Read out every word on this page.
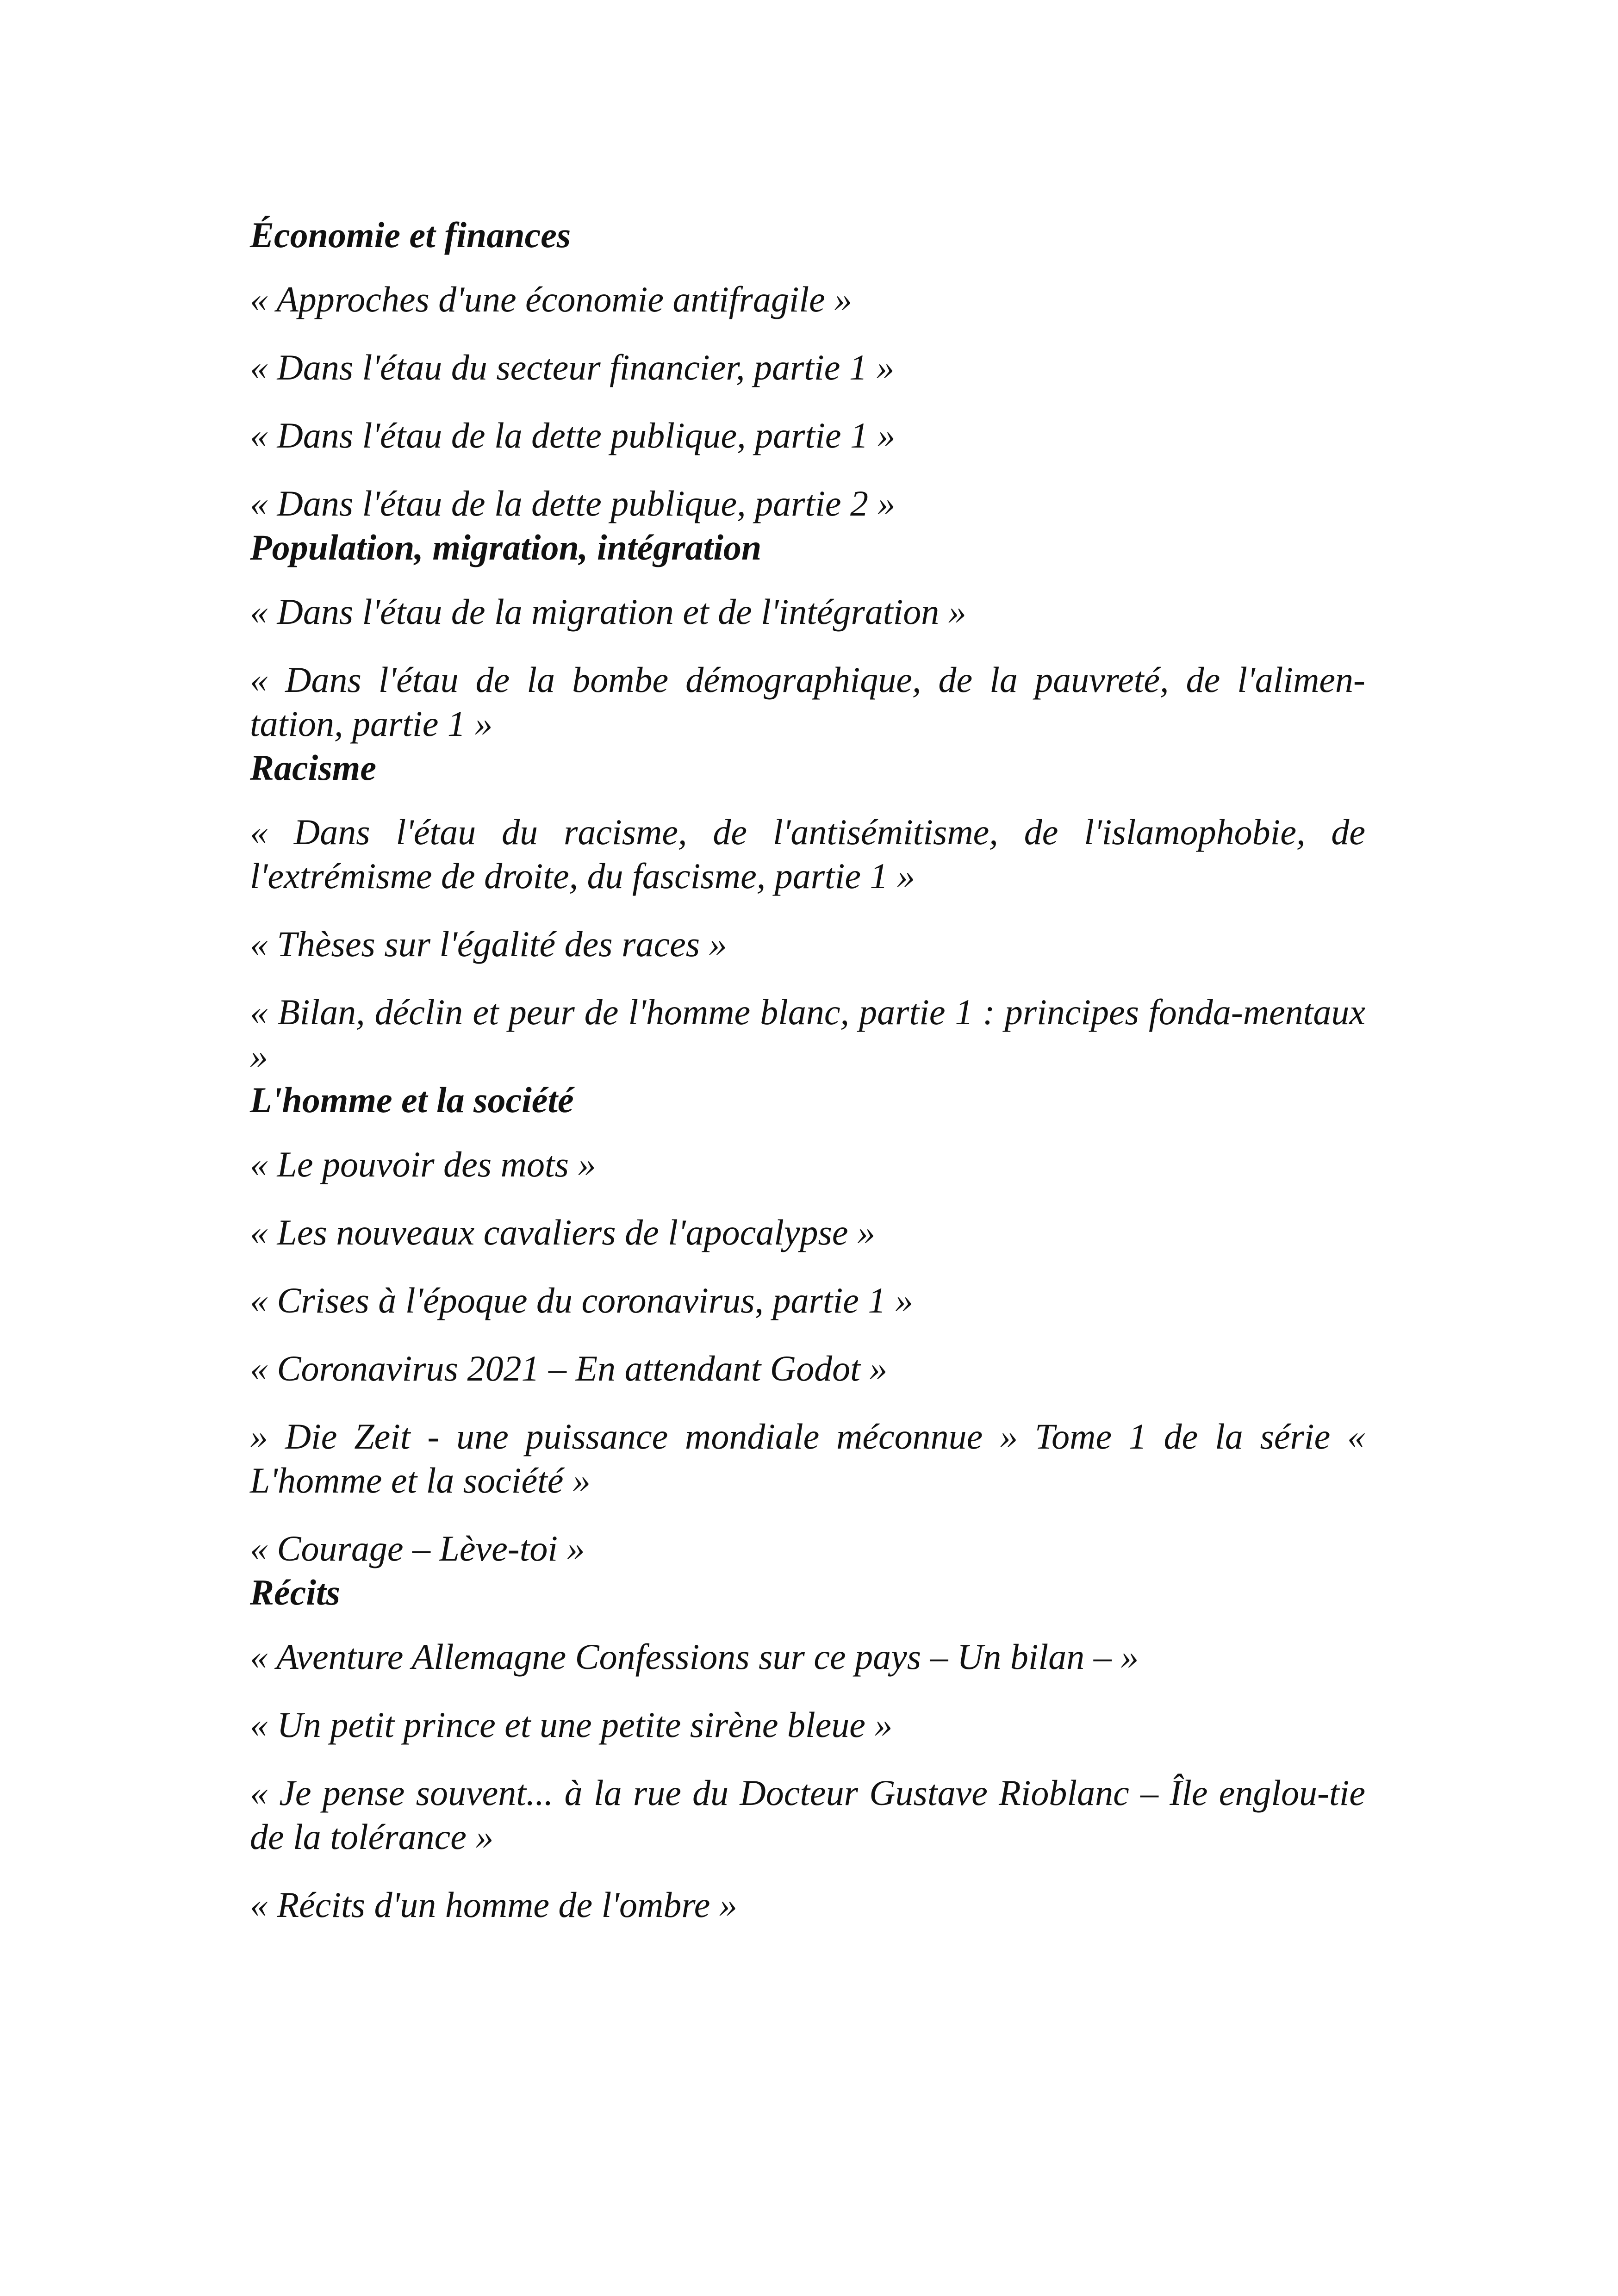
Économie et finances

« Approches d'une économie antifragile »

« Dans l'étau du secteur financier, partie 1 »

« Dans l'étau de la dette publique, partie 1 »

« Dans l'étau de la dette publique, partie 2 »

Population, migration, intégration

« Dans l'étau de la migration et de l'intégration »

« Dans l'étau de la bombe démographique, de la pauvreté, de l'alimen-tation, partie 1 »

Racisme

« Dans l'étau du racisme, de l'antisémitisme, de l'islamophobie, de l'extrémisme de droite, du fascisme, partie 1 »

« Thèses sur l'égalité des races »

« Bilan, déclin et peur de l'homme blanc, partie 1 : principes fonda-mentaux »

L'homme et la société

« Le pouvoir des mots »

« Les nouveaux cavaliers de l'apocalypse »

« Crises à l'époque du coronavirus, partie 1 »

« Coronavirus 2021 – En attendant Godot »

» Die Zeit - une puissance mondiale méconnue » Tome 1 de la série « L'homme et la société »

« Courage – Lève-toi »

Récits

« Aventure Allemagne Confessions sur ce pays – Un bilan – »

« Un petit prince et une petite sirène bleue »

« Je pense souvent... à la rue du Docteur Gustave Rioblanc – Île englou-tie de la tolérance »

« Récits d'un homme de l'ombre »
